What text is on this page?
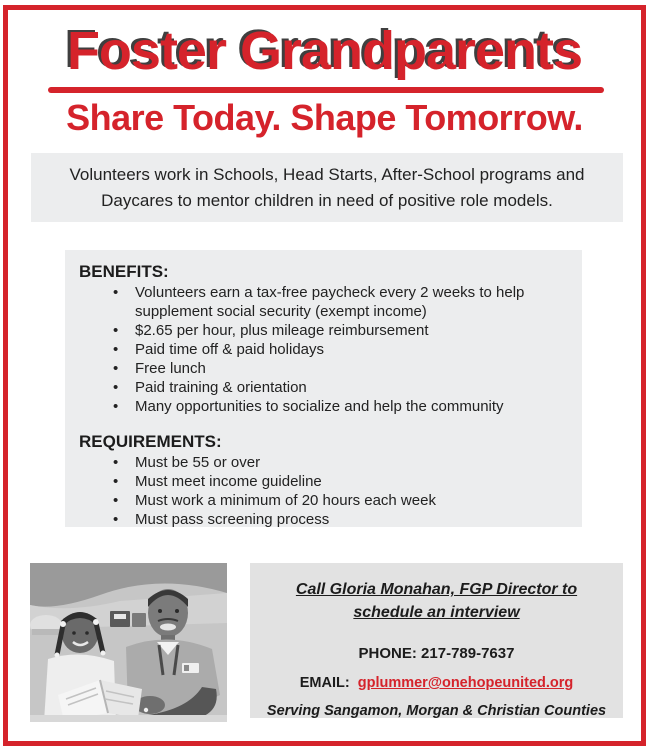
Foster Grandparents
Share Today. Shape Tomorrow.

Volunteers work in Schools, Head Starts, After-School programs and Daycares to mentor children in need of positive role models.

BENEFITS:

•
Volunteers earn a tax-free paycheck every 2 weeks to help supplement social security (exempt income)
•
$2.65 per hour, plus mileage reimbursement
•
Paid time off & paid holidays
•
Free lunch
•
Paid training & orientation
•
Many opportunities to socialize and help the community

REQUIREMENTS:

•
Must be 55 or over
•
Must meet income guideline
•
Must work a minimum of 20 hours each week
•
Must pass screening process

Call Gloria Monahan, FGP Director to schedule an interview

PHONE: 217-789-7637

EMAIL: gplummer@onehopeunited.org

Serving Sangamon, Morgan & Christian Counties
